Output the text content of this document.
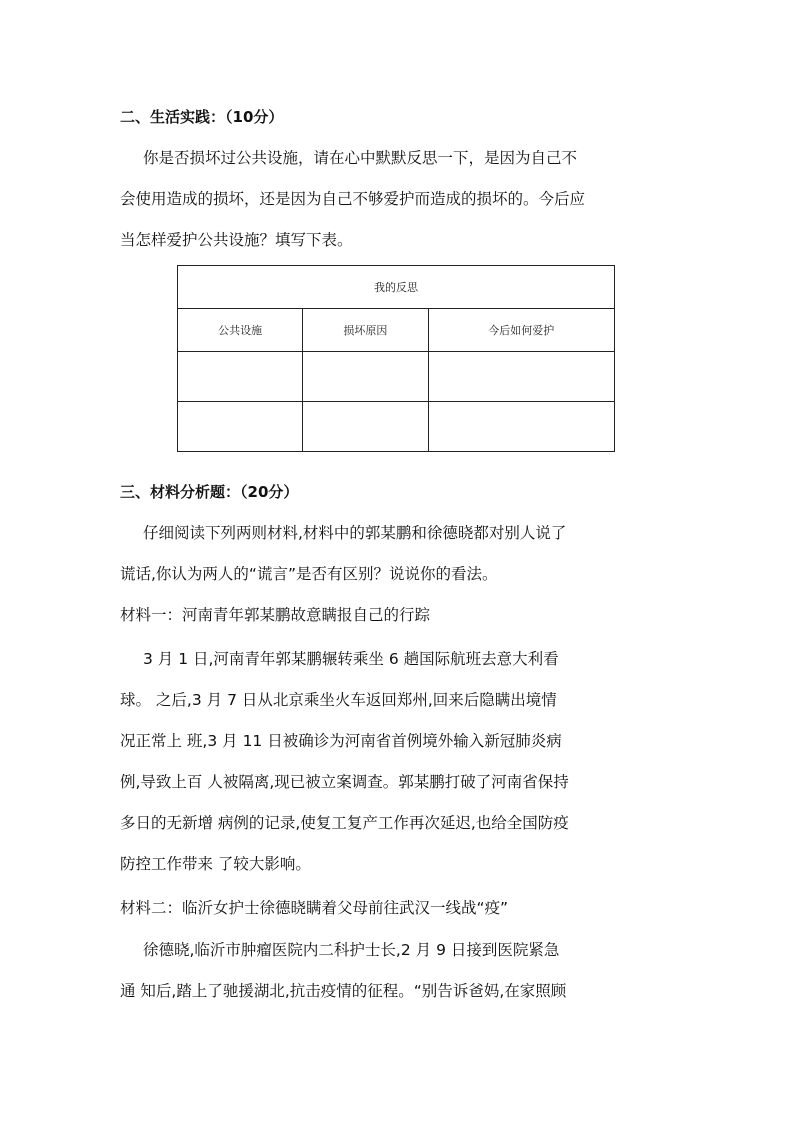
二、生活实践：（10分）
你是否损坏过公共设施，请在心中默默反思一下，是因为自己不
会使用造成的损坏，还是因为自己不够爱护而造成的损坏的。今后应
当怎样爱护公共设施？填写下表。
我的反思		
公共设施	损坏原因	今后如何爱护

三、材料分析题：（20分）
仔细阅读下列两则材料,材料中的郭某鹏和徐德晓都对别人说了
谎话,你认为两人的“谎言”是否有区别？说说你的看法。
材料一：河南青年郭某鹏故意瞒报自己的行踪
3 月 1 日,河南青年郭某鹏辗转乘坐 6 趟国际航班去意大利看
球。 之后,3 月 7 日从北京乘坐火车返回郑州,回来后隐瞒出境情
况正常上 班,3 月 11 日被确诊为河南省首例境外输入新冠肺炎病
例,导致上百 人被隔离,现已被立案调查。郭某鹏打破了河南省保持
多日的无新增 病例的记录,使复工复产工作再次延迟,也给全国防疫
防控工作带来 了较大影响。
材料二：临沂女护士徐德晓瞒着父母前往武汉一线战“疫”
徐德晓,临沂市肿瘤医院内二科护士长,2 月 9 日接到医院紧急
通 知后,踏上了驰援湖北,抗击疫情的征程。“别告诉爸妈,在家照顾
